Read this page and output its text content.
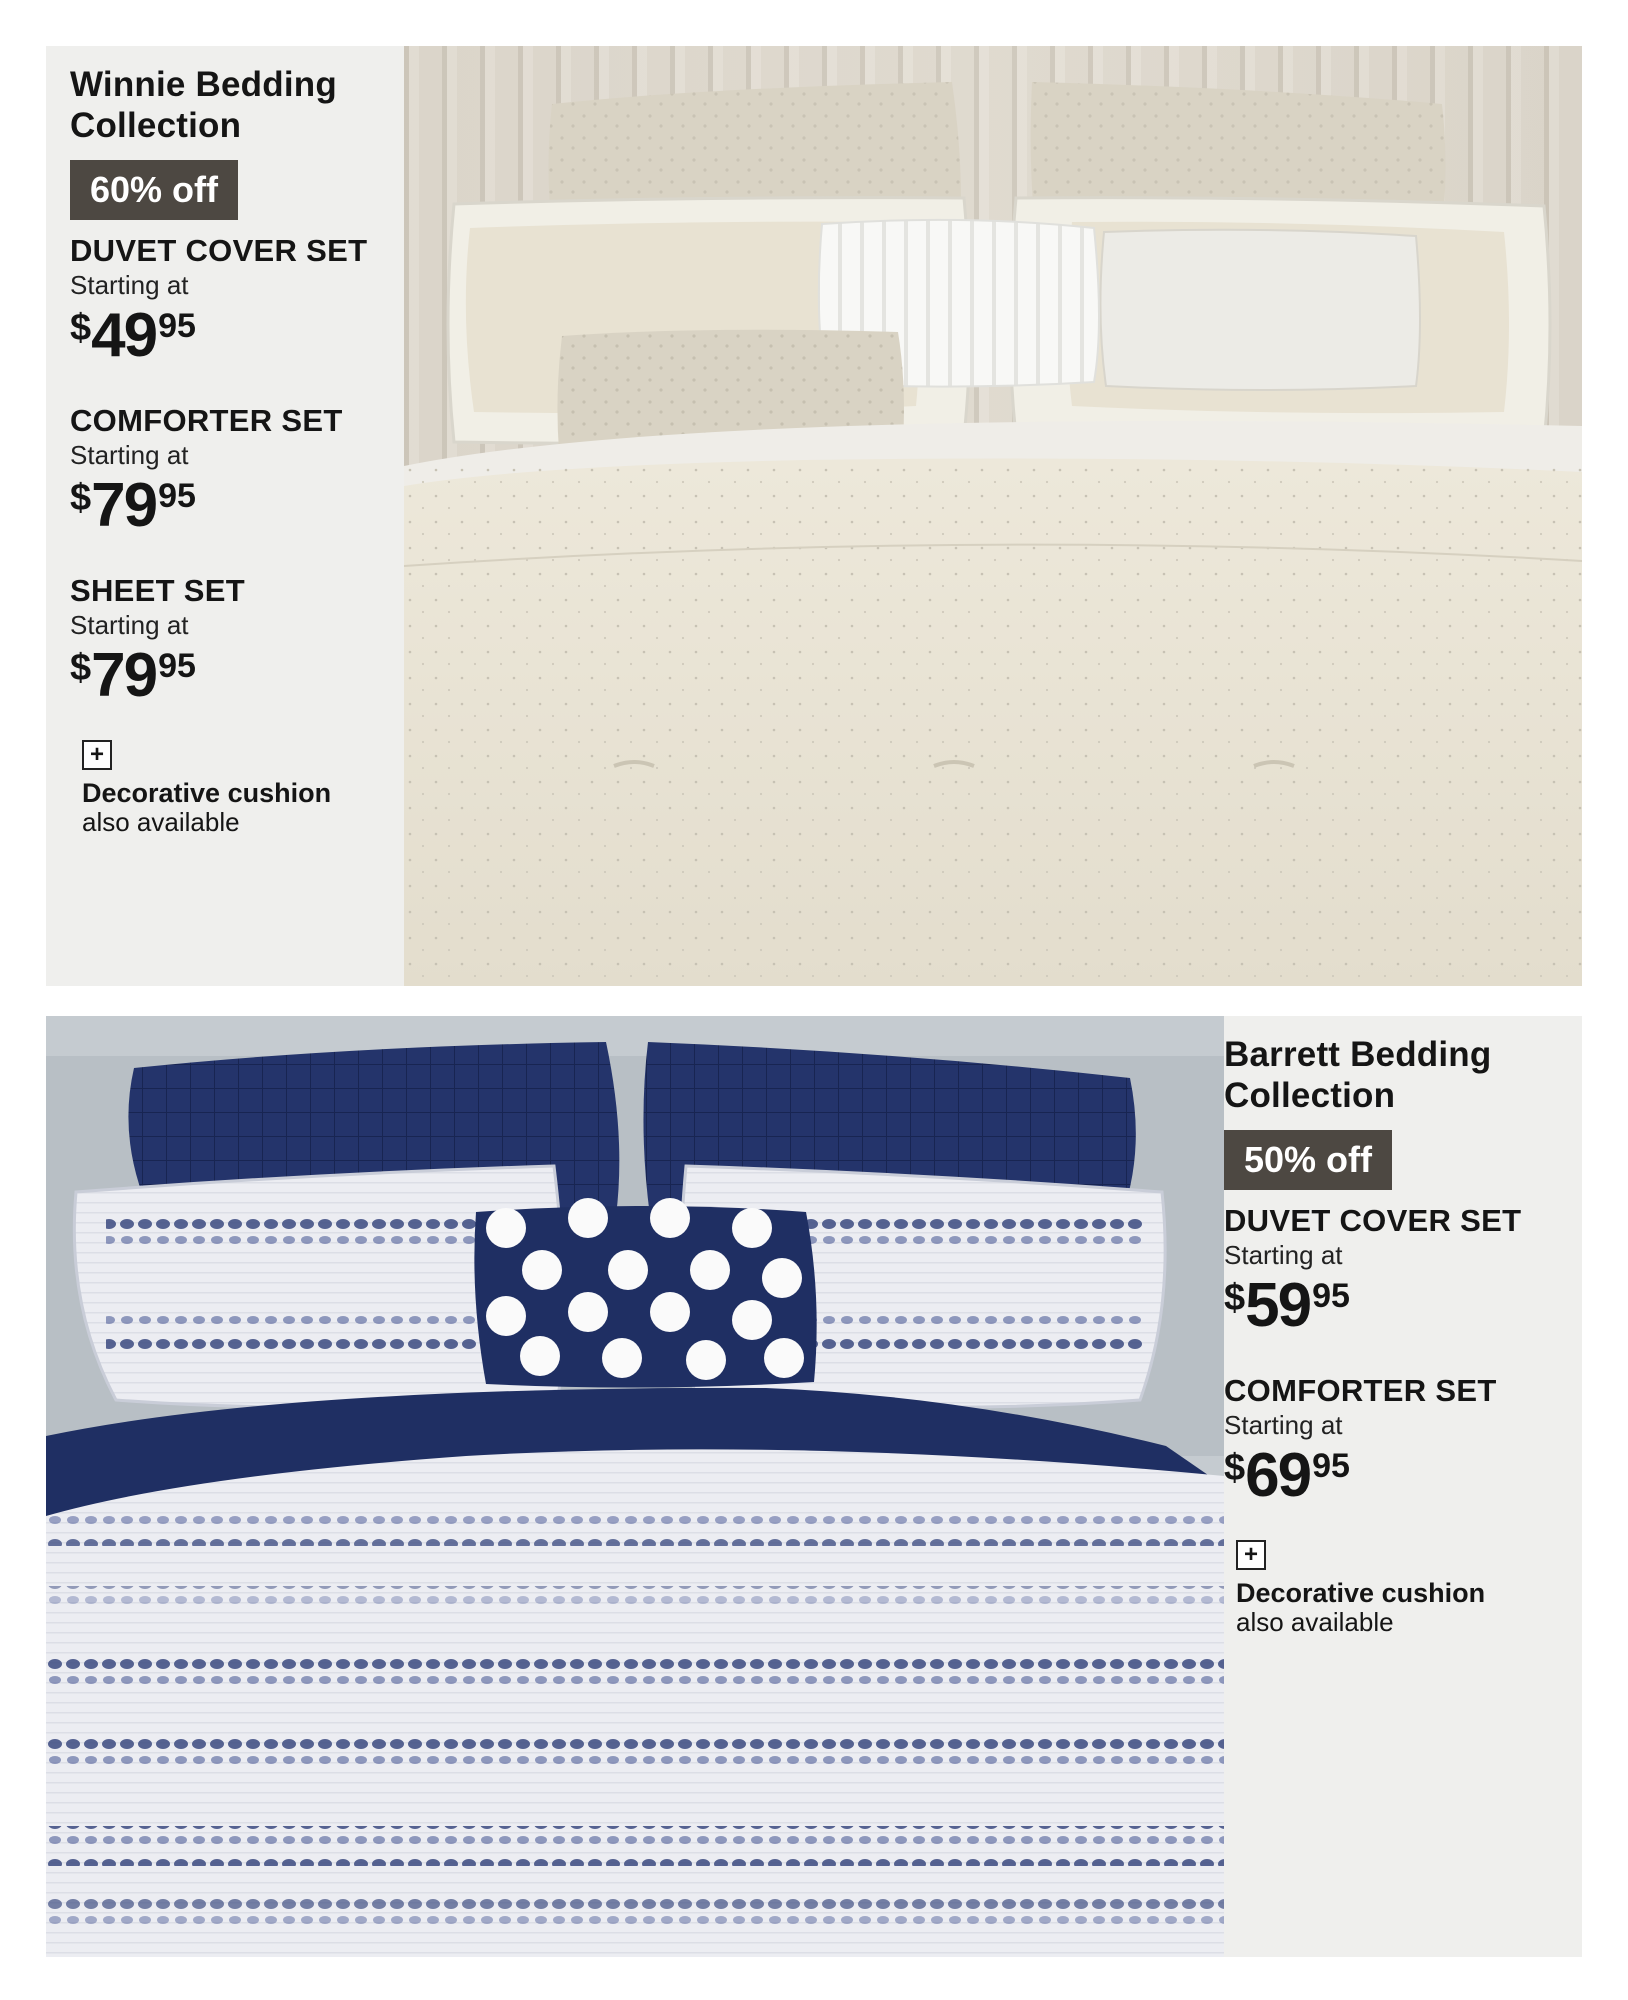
Winnie Bedding
Collection
60% off
DUVET COVER SET
Starting at
$4995
COMFORTER SET
Starting at
$7995
SHEET SET
Starting at
$7995
+
Decorative cushion
also available
Barrett Bedding
Collection
50% off
DUVET COVER SET
Starting at
$5995
COMFORTER SET
Starting at
$6995
+
Decorative cushion
also available
